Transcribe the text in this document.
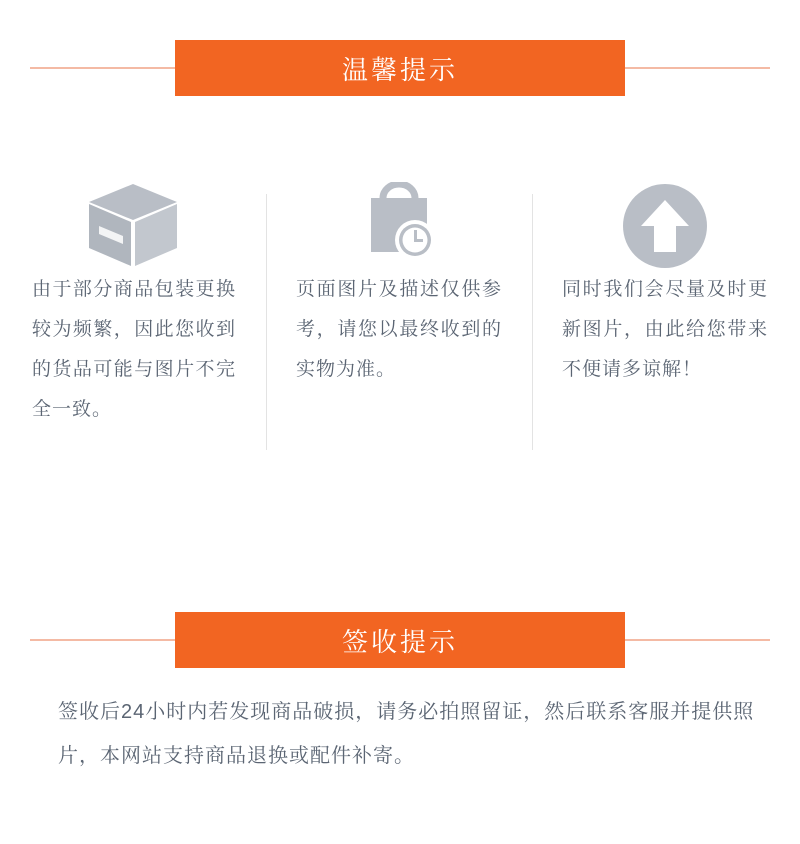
温馨提示
由于部分商品包装更换较为频繁，因此您收到的货品可能与图片不完全一致。
页面图片及描述仅供参考，请您以最终收到的实物为准。
同时我们会尽量及时更新图片，由此给您带来不便请多谅解！
签收提示
签收后24小时内若发现商品破损，请务必拍照留证，然后联系客服并提供照片，本网站支持商品退换或配件补寄。
